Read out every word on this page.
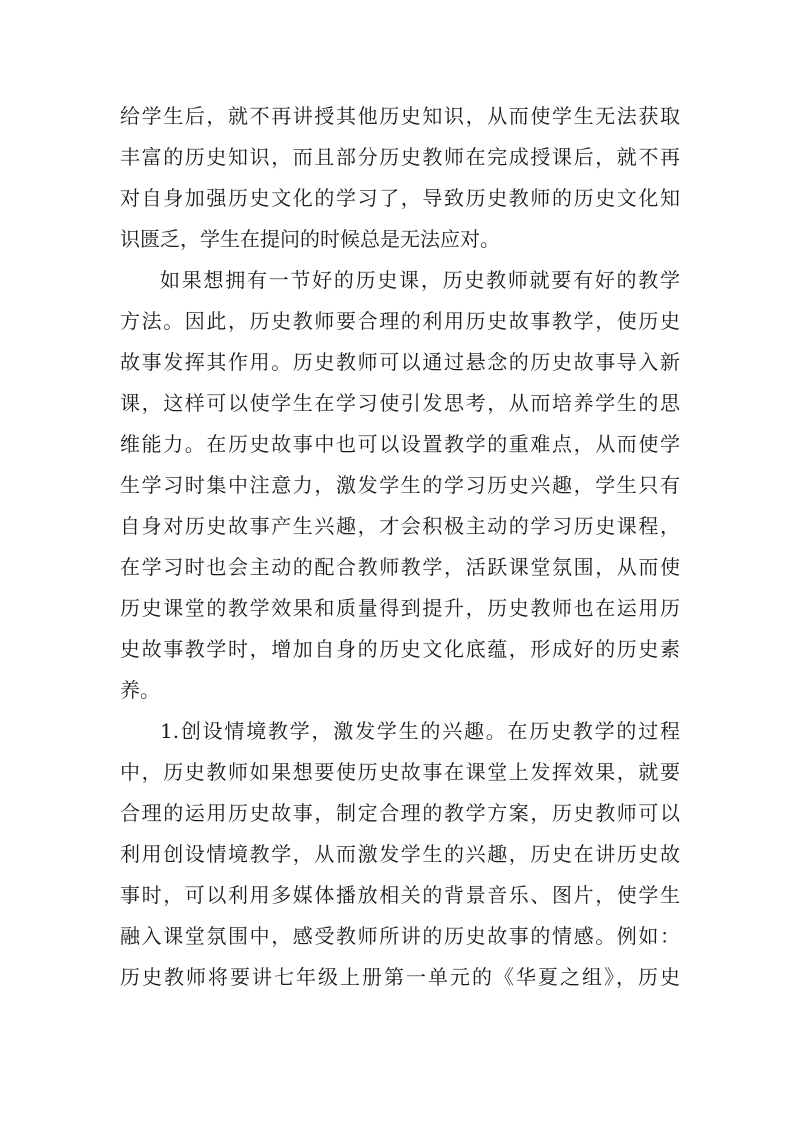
给学生后，就不再讲授其他历史知识，从而使学生无法获取
丰富的历史知识，而且部分历史教师在完成授课后，就不再
对自身加强历史文化的学习了，导致历史教师的历史文化知
识匮乏，学生在提问的时候总是无法应对。
如果想拥有一节好的历史课，历史教师就要有好的教学
方法。因此，历史教师要合理的利用历史故事教学，使历史
故事发挥其作用。历史教师可以通过悬念的历史故事导入新
课，这样可以使学生在学习使引发思考，从而培养学生的思
维能力。在历史故事中也可以设置教学的重难点，从而使学
生学习时集中注意力，激发学生的学习历史兴趣，学生只有
自身对历史故事产生兴趣，才会积极主动的学习历史课程，
在学习时也会主动的配合教师教学，活跃课堂氛围，从而使
历史课堂的教学效果和质量得到提升，历史教师也在运用历
史故事教学时，增加自身的历史文化底蕴，形成好的历史素
养。
1.创设情境教学，激发学生的兴趣。在历史教学的过程
中，历史教师如果想要使历史故事在课堂上发挥效果，就要
合理的运用历史故事，制定合理的教学方案，历史教师可以
利用创设情境教学，从而激发学生的兴趣，历史在讲历史故
事时，可以利用多媒体播放相关的背景音乐、图片，使学生
融入课堂氛围中，感受教师所讲的历史故事的情感。例如：
历史教师将要讲七年级上册第一单元的《华夏之组》，历史
